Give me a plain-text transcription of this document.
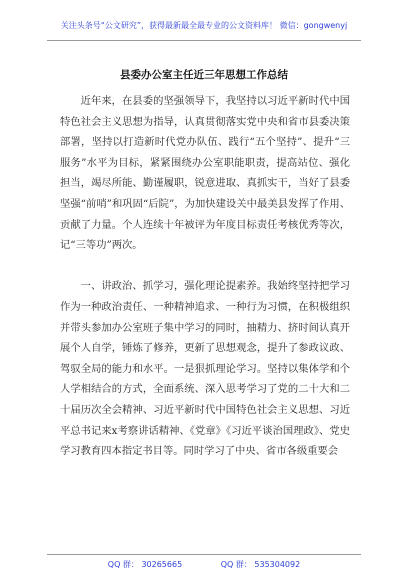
关注头条号“公文研究”，获得最新最全最专业的公文资料库！ 微信：gongwenyj
县委办公室主任近三年思想工作总结

近年来，在县委的坚强领导下，我坚持以习近平新时代中国特色社会主义思想为指导，认真贯彻落实党中央和省市县委决策部署，坚持以打造新时代党办队伍、践行“五个坚持”、提升“三服务”水平为目标，紧紧围绕办公室职能职责，提高站位、强化担当，竭尽所能、勤谨履职，锐意进取、真抓实干，当好了县委坚强“前哨”和巩固“后院”，为加快建设关中最美县发挥了作用、贡献了力量。个人连续十年被评为年度目标责任考核优秀等次，记“三等功”两次。

一、讲政治、抓学习，强化理论提素养。我始终坚持把学习作为一种政治责任、一种精神追求、一种行为习惯，在积极组织并带头参加办公室班子集中学习的同时，抽精力、挤时间认真开展个人自学，锤炼了修养，更新了思想观念，提升了参政议政、驾驭全局的能力和水平。一是狠抓理论学习。坚持以集体学和个人学相结合的方式，全面系统、深入思考学习了党的二十大和二十届历次全会精神、习近平新时代中国特色社会主义思想、习近平总书记来x考察讲话精神、《党章》《习近平谈治国理政》、党史学习教育四本指定书目等。同时学习了中央、省市各级重要会

QQ 群： 30265665	QQ 群： 535304092
